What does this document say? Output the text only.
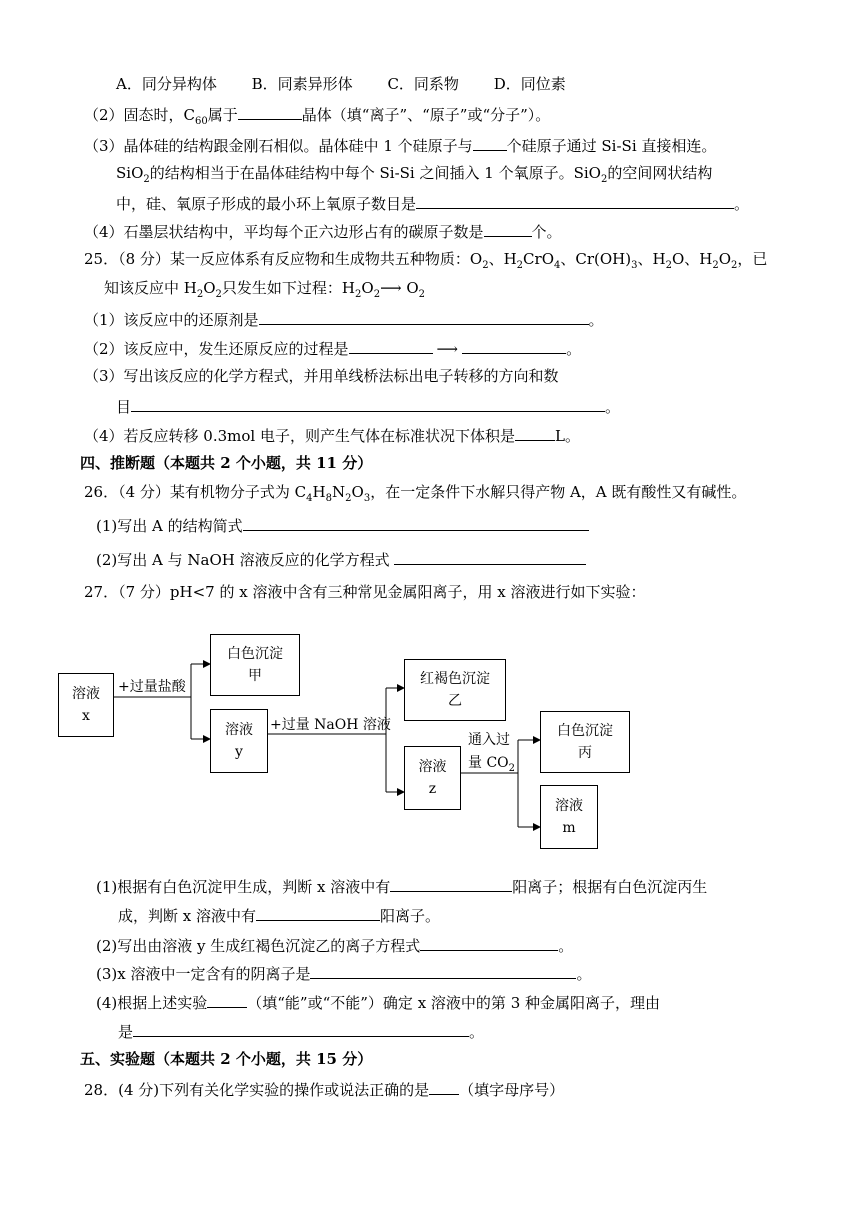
A．同分异构体 B．同素异形体 C．同系物 D．同位素
（2）固态时，$C_{60}$属于	晶体（填“离子”、“原子”或“分子”）。
（3）晶体硅的结构跟金刚石相似。晶体硅中 1 个硅原子与 个硅原子通过 Si-Si 直接相连。
SiO$_2$的结构相当于在晶体硅结构中每个 Si-Si 之间插入 1 个氧原子。SiO$_2$的空间网状结构
中，硅、氧原子形成的最小环上氧原子数目是	。
（4）石墨层状结构中，平均每个正六边形占有的碳原子数是	个。
25．（8 分）某一反应体系有反应物和生成物共五种物质：$O_2$、$H_2CrO_4$、$Cr(OH)_3$、$H_2O$、$H_2O_2$，已
知该反应中 $H_2O_2$只发生如下过程：$H_2O_2⟶$ $O_2$
（1）该反应中的还原剂是	。
（2）该反应中，发生还原反应的过程是	⟶	。
（3）写出该反应的化学方程式，并用单线桥法标出电子转移的方向和数
目	。
（4）若反应转移 0.3mol 电子，则产生气体在标准状况下体积是	L。
四、推断题（本题共 2 个小题，共 11 分）
26．（4 分）某有机物分子式为 $C_4H_8N_2O_3$，在一定条件下水解只得产物 A，A 既有酸性又有碱性。
(1)写出 A 的结构简式
(2)写出 A 与 NaOH 溶液反应的化学方程式
27．（7 分）pH<7 的 x 溶液中含有三种常见金属阳离子，用 x 溶液进行如下实验：
溶液
x
+过量盐酸
白色沉淀
甲
溶液
y
+过量 NaOH 溶液
红褐色沉淀
乙
溶液
z
通入过
量 $CO_2$
白色沉淀
丙
溶液
m
(1)根据有白色沉淀甲生成，判断 x 溶液中有	阳离子；根据有白色沉淀丙生
成，判断 x 溶液中有	阳离子。
(2)写出由溶液 y 生成红褐色沉淀乙的离子方程式	。
(3)x 溶液中一定含有的阴离子是	。
(4)根据上述实验	（填“能”或“不能”）确定 x 溶液中的第 3 种金属阳离子，理由
是	。
五、实验题（本题共 2 个小题，共 15 分）
28．(4 分)下列有关化学实验的操作或说法正确的是 （填字母序号）
